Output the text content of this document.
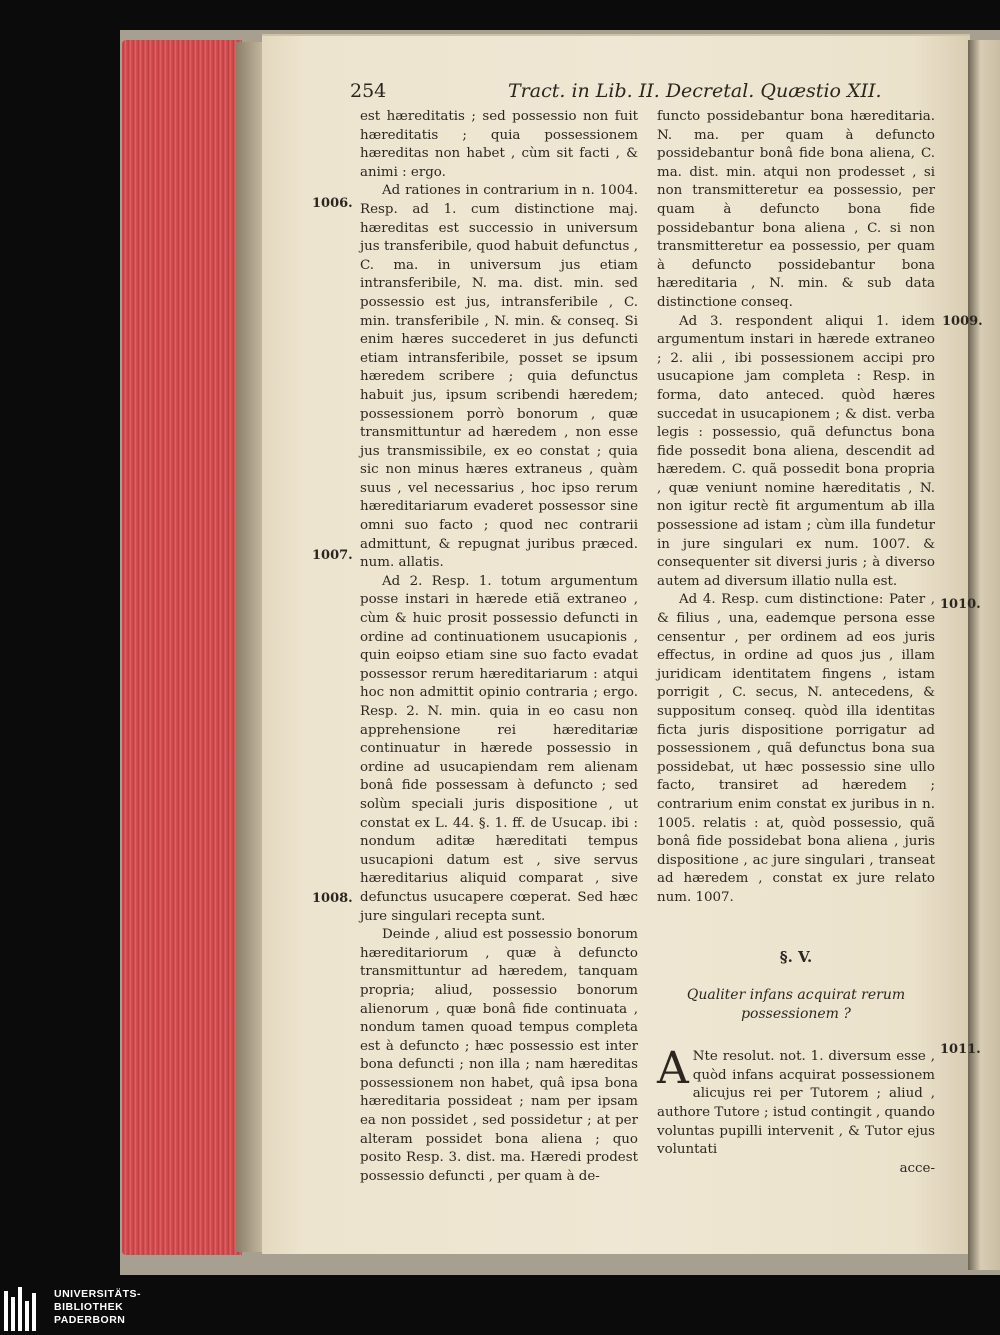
254	Tract. in Lib. II. Decretal. Quæstio XII.
1006.
1007.
1008.
1009.
1010.
1011.

est hæreditatis ; sed possessio non fuit hæreditatis ; quia possessionem hæreditas non habet , cùm sit facti , & animi : ergo.

Ad rationes in contrarium in n. 1004. Resp. ad 1. cum distinctione maj. hæreditas est successio in universum jus transferibile, quod habuit defunctus , C. ma. in universum jus etiam intransferibile, N. ma. dist. min. sed possessio est jus, intransferibile , C. min. transferibile , N. min. & conseq. Si enim hæres succederet in jus defuncti etiam intransferibile, posset se ipsum hæredem scribere ; quia defunctus habuit jus, ipsum scribendi hæredem; possessionem porrò bonorum , quæ transmittuntur ad hæredem , non esse jus transmissibile, ex eo constat ; quia sic non minus hæres extraneus , quàm suus , vel necessarius , hoc ipso rerum hæreditariarum evaderet possessor sine omni suo facto ; quod nec contrarii admittunt, & repugnat juribus præced. num. allatis.

Ad 2. Resp. 1. totum argumentum posse instari in hærede etiã extraneo , cùm & huic prosit possessio defuncti in ordine ad continuationem usucapionis , quin eoipso etiam sine suo facto evadat possessor rerum hæreditariarum : atqui hoc non admittit opinio contraria ; ergo. Resp. 2. N. min. quia in eo casu non apprehensione rei hæreditariæ continuatur in hærede possessio in ordine ad usucapiendam rem alienam bonâ fide possessam à defuncto ; sed solùm speciali juris dispositione , ut constat ex L. 44. §. 1. ff. de Usucap. ibi : nondum aditæ hæreditati tempus usucapioni datum est , sive servus hæreditarius aliquid comparat , sive defunctus usucapere cœperat. Sed hæc jure singulari recepta sunt.

Deinde , aliud est possessio bonorum hæreditariorum , quæ à defuncto transmittuntur ad hæredem, tanquam propria; aliud, possessio bonorum alienorum , quæ bonâ fide continuata , nondum tamen quoad tempus completa est à defuncto ; hæc possessio est inter bona defuncti ; non illa ; nam hæreditas possessionem non habet, quâ ipsa bona hæreditaria possideat ; nam per ipsam ea non possidet , sed possidetur ; at per alteram possidet bona aliena ; quo posito Resp. 3. dist. ma. Hæredi prodest possessio defuncti , per quam à de-

functo possidebantur bona hæreditaria. N. ma. per quam à defuncto possidebantur bonâ fide bona aliena, C. ma. dist. min. atqui non prodesset , si non transmitteretur ea possessio, per quam à defuncto bona fide possidebantur bona aliena , C. si non transmitteretur ea possessio, per quam à defuncto possidebantur bona hæreditaria , N. min. & sub data distinctione conseq.

Ad 3. respondent aliqui 1. idem argumentum instari in hærede extraneo ; 2. alii , ibi possessionem accipi pro usucapione jam completa : Resp. in forma, dato anteced. quòd hæres succedat in usucapionem ; & dist. verba legis : possessio, quã defunctus bona fide possedit bona aliena, descendit ad hæredem. C. quã possedit bona propria , quæ veniunt nomine hæreditatis , N. non igitur rectè fit argumentum ab illa possessione ad istam ; cùm illa fundetur in jure singulari ex num. 1007. & consequenter sit diversi juris ; à diverso autem ad diversum illatio nulla est.

Ad 4. Resp. cum distinctione: Pater , & filius , una, eademque persona esse censentur , per ordinem ad eos juris effectus, in ordine ad quos jus , illam juridicam identitatem fingens , istam porrigit , C. secus, N. antecedens, & suppositum conseq. quòd illa identitas ficta juris dispositione porrigatur ad possessionem , quã defunctus bona sua possidebat, ut hæc possessio sine ullo facto, transiret ad hæredem ; contrarium enim constat ex juribus in n. 1005. relatis : at, quòd possessio, quã bonâ fide possidebat bona aliena , juris dispositione , ac jure singulari , transeat ad hæredem , constat ex jure relato num. 1007.

§. V.
Qualiter infans acquirat rerum possessionem ?

A Nte resolut. not. 1. diversum esse , quòd infans acquirat possessionem alicujus rei per Tutorem ; aliud , authore Tutore ; istud contingit , quando voluntas pupilli intervenit , & Tutor ejus voluntati

acce-
UNIVERSITÄTS-
BIBLIOTHEK
PADERBORN
